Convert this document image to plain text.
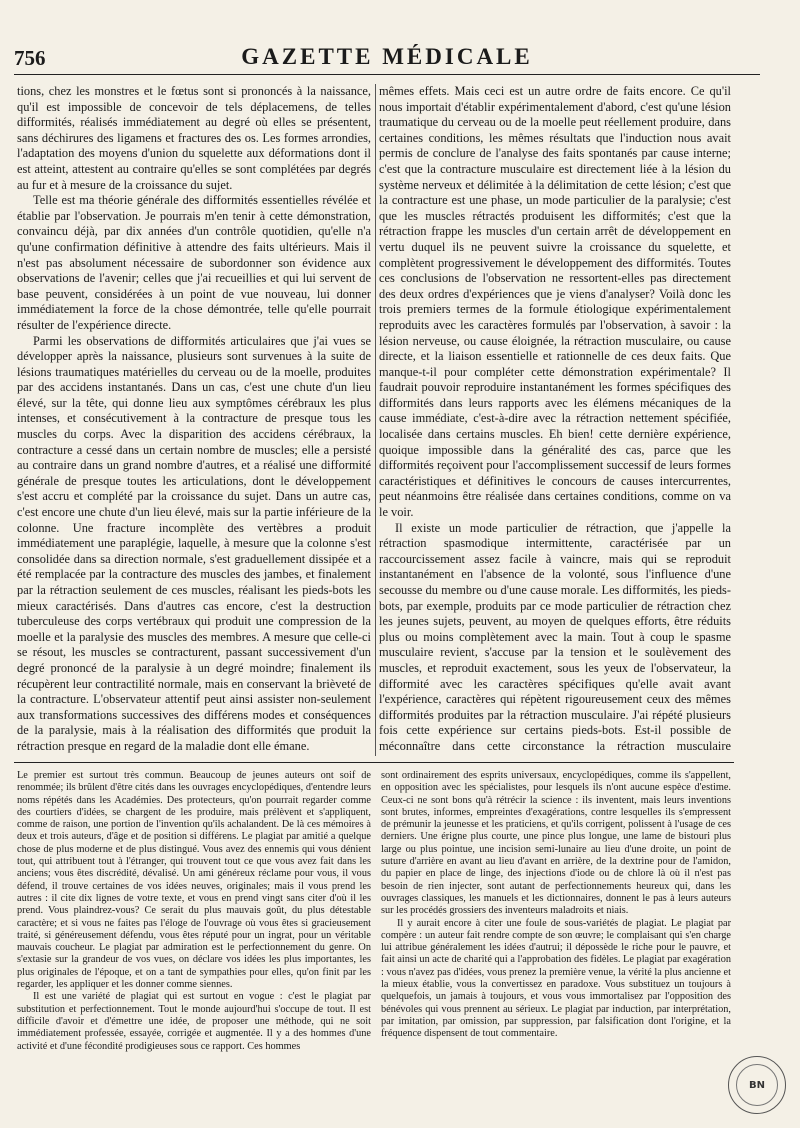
756	GAZETTE MÉDICALE

tions, chez les monstres et le fœtus sont si prononcés à la naissance, qu'il est impossible de concevoir de tels déplacemens, de telles difformités, réalisés immédiatement au degré où elles se présentent, sans déchirures des ligamens et fractures des os. Les formes arrondies, l'adaptation des moyens d'union du squelette aux déformations dont il est atteint, attestent au contraire qu'elles se sont complétées par degrés au fur et à mesure de la croissance du sujet.

Telle est ma théorie générale des difformités essentielles révélée et établie par l'observation. Je pourrais m'en tenir à cette démonstration, convaincu déjà, par dix années d'un contrôle quotidien, qu'elle n'a qu'une confirmation définitive à attendre des faits ultérieurs. Mais il n'est pas absolument nécessaire de subordonner son évidence aux observations de l'avenir; celles que j'ai recueillies et qui lui servent de base peuvent, considérées à un point de vue nouveau, lui donner immédiatement la force de la chose démontrée, telle qu'elle pourrait résulter de l'expérience directe.

Parmi les observations de difformités articulaires que j'ai vues se développer après la naissance, plusieurs sont survenues à la suite de lésions traumatiques matérielles du cerveau ou de la moelle, produites par des accidens instantanés. Dans un cas, c'est une chute d'un lieu élevé, sur la tête, qui donne lieu aux symptômes cérébraux les plus intenses, et consécutivement à la contracture de presque tous les muscles du corps. Avec la disparition des accidens cérébraux, la contracture a cessé dans un certain nombre de muscles; elle a persisté au contraire dans un grand nombre d'autres, et a réalisé une difformité générale de presque toutes les articulations, dont le développement s'est accru et complété par la croissance du sujet. Dans un autre cas, c'est encore une chute d'un lieu élevé, mais sur la partie inférieure de la colonne. Une fracture incomplète des vertèbres a produit immédiatement une paraplégie, laquelle, à mesure que la colonne s'est consolidée dans sa direction normale, s'est graduellement dissipée et a été remplacée par la contracture des muscles des jambes, et finalement par la rétraction seulement de ces muscles, réalisant les pieds-bots les mieux caractérisés. Dans d'autres cas encore, c'est la destruction tuberculeuse des corps vertébraux qui produit une compression de la moelle et la paralysie des muscles des membres. A mesure que celle-ci se résout, les muscles se contracturent, passant successivement d'un degré prononcé de la paralysie à un degré moindre; finalement ils récupèrent leur contractilité normale, mais en conservant la brièveté de la contracture. L'observateur attentif peut ainsi assister non-seulement aux transformations successives des différens modes et conséquences de la paralysie, mais à la réalisation des difformités que produit la rétraction presque en regard de la maladie dont elle émane.

mêmes effets. Mais ceci est un autre ordre de faits encore. Ce qu'il nous importait d'établir expérimentalement d'abord, c'est qu'une lésion traumatique du cerveau ou de la moelle peut réellement produire, dans certaines conditions, les mêmes résultats que l'induction nous avait permis de conclure de l'analyse des faits spontanés par cause interne; c'est que la contracture musculaire est directement liée à la lésion du système nerveux et délimitée à la délimitation de cette lésion; c'est que la contracture est une phase, un mode particulier de la paralysie; c'est que les muscles rétractés produisent les difformités; c'est que la rétraction frappe les muscles d'un certain arrêt de développement en vertu duquel ils ne peuvent suivre la croissance du squelette, et complètent progressivement le développement des difformités. Toutes ces conclusions de l'observation ne ressortent-elles pas directement des deux ordres d'expériences que je viens d'analyser? Voilà donc les trois premiers termes de la formule étiologique expérimentalement reproduits avec les caractères formulés par l'observation, à savoir : la lésion nerveuse, ou cause éloignée, la rétraction musculaire, ou cause directe, et la liaison essentielle et rationnelle de ces deux faits. Que manque-t-il pour compléter cette démonstration expérimentale? Il faudrait pouvoir reproduire instantanément les formes spécifiques des difformités dans leurs rapports avec les élémens mécaniques de la cause immédiate, c'est-à-dire avec la rétraction nettement spécifiée, localisée dans certains muscles. Eh bien! cette dernière expérience, quoique impossible dans la généralité des cas, parce que les difformités reçoivent pour l'accomplissement successif de leurs formes caractéristiques et définitives le concours de causes intercurrentes, peut néanmoins être réalisée dans certaines conditions, comme on va le voir.

Il existe un mode particulier de rétraction, que j'appelle la rétraction spasmodique intermittente, caractérisée par un raccourcissement assez facile à vaincre, mais qui se reproduit instantanément en l'absence de la volonté, sous l'influence d'une secousse du membre ou d'une cause morale. Les difformités, les pieds-bots, par exemple, produits par ce mode particulier de rétraction chez les jeunes sujets, peuvent, au moyen de quelques efforts, être réduits plus ou moins complètement avec la main. Tout à coup le spasme musculaire revient, s'accuse par la tension et le soulèvement des muscles, et reproduit exactement, sous les yeux de l'observateur, la difformité avec les caractères spécifiques qu'elle avait avant l'expérience, caractères qui répètent rigoureusement ceux des mêmes difformités produites par la rétraction musculaire. J'ai répété plusieurs fois cette expérience sur certains pieds-bots. Est-il possible de méconnaître dans cette circonstance la rétraction musculaire

Le premier est surtout très commun. Beaucoup de jeunes auteurs ont soif de renommée; ils brûlent d'être cités dans les ouvrages encyclopédiques, d'entendre leurs noms répétés dans les Académies. Des protecteurs, qu'on pourrait regarder comme des courtiers d'idées, se chargent de les produire, mais prélèvent et s'appliquent, comme de raison, une portion de l'invention qu'ils achalandent. De là ces mémoires à deux et trois auteurs, d'âge et de position si différens. Le plagiat par amitié a quelque chose de plus moderne et de plus distingué. Vous avez des ennemis qui vous dénient tout, qui attribuent tout à l'étranger, qui trouvent tout ce que vous avez fait dans les anciens; vous êtes discrédité, dévalisé. Un ami généreux réclame pour vous, il vous défend, il trouve certaines de vos idées neuves, originales; mais il vous prend les autres : il cite dix lignes de votre texte, et vous en prend vingt sans citer d'où il les prend. Vous plaindrez-vous? Ce serait du plus mauvais goût, du plus détestable caractère; et si vous ne faites pas l'éloge de l'ouvrage où vous êtes si gracieusement traité, si généreusement défendu, vous êtes réputé pour un ingrat, pour un véritable mauvais coucheur. Le plagiat par admiration est le perfectionnement du genre. On s'extasie sur la grandeur de vos vues, on déclare vos idées les plus importantes, les plus originales de l'époque, et on a tant de sympathies pour elles, qu'on finit par les regarder, les appliquer et les donner comme siennes.

Il est une variété de plagiat qui est surtout en vogue : c'est le plagiat par substitution et perfectionnement. Tout le monde aujourd'hui s'occupe de tout. Il est difficile d'avoir et d'émettre une idée, de proposer une méthode, qui ne soit immédiatement professée, essayée, corrigée et augmentée. Il y a des hommes d'une activité et d'une fécondité prodigieuses sous ce rapport. Ces hommes

sont ordinairement des esprits universaux, encyclopédiques, comme ils s'appellent, en opposition avec les spécialistes, pour lesquels ils n'ont aucune espèce d'estime. Ceux-ci ne sont bons qu'à rétrécir la science : ils inventent, mais leurs inventions sont brutes, informes, empreintes d'exagérations, contre lesquelles ils s'empressent de prémunir la jeunesse et les praticiens, et qu'ils corrigent, polissent à l'usage de ces derniers. Une érigne plus courte, une pince plus longue, une lame de bistouri plus large ou plus pointue, une incision semi-lunaire au lieu d'une droite, un point de suture d'arrière en avant au lieu d'avant en arrière, de la dextrine pour de l'amidon, du papier en place de linge, des injections d'iode ou de chlore là où il n'est pas besoin de rien injecter, sont autant de perfectionnements heureux qui, dans les ouvrages classiques, les manuels et les dictionnaires, donnent le pas à leurs auteurs sur les procédés grossiers des inventeurs maladroits et niais.

Il y aurait encore à citer une foule de sous-variétés de plagiat. Le plagiat par compère : un auteur fait rendre compte de son œuvre; le complaisant qui s'en charge lui attribue généralement les idées d'autrui; il dépossède le riche pour le pauvre, et fait ainsi un acte de charité qui a l'approbation des fidèles. Le plagiat par exagération : vous n'avez pas d'idées, vous prenez la première venue, la vérité la plus ancienne et la mieux établie, vous la convertissez en paradoxe. Vous substituez un toujours à quelquefois, un jamais à toujours, et vous vous immortalisez par l'opposition des bénévoles qui vous prennent au sérieux. Le plagiat par induction, par interprétation, par imitation, par omission, par suppression, par falsification dont l'origine, et la fréquence dispensent de tout commentaire.

BN
